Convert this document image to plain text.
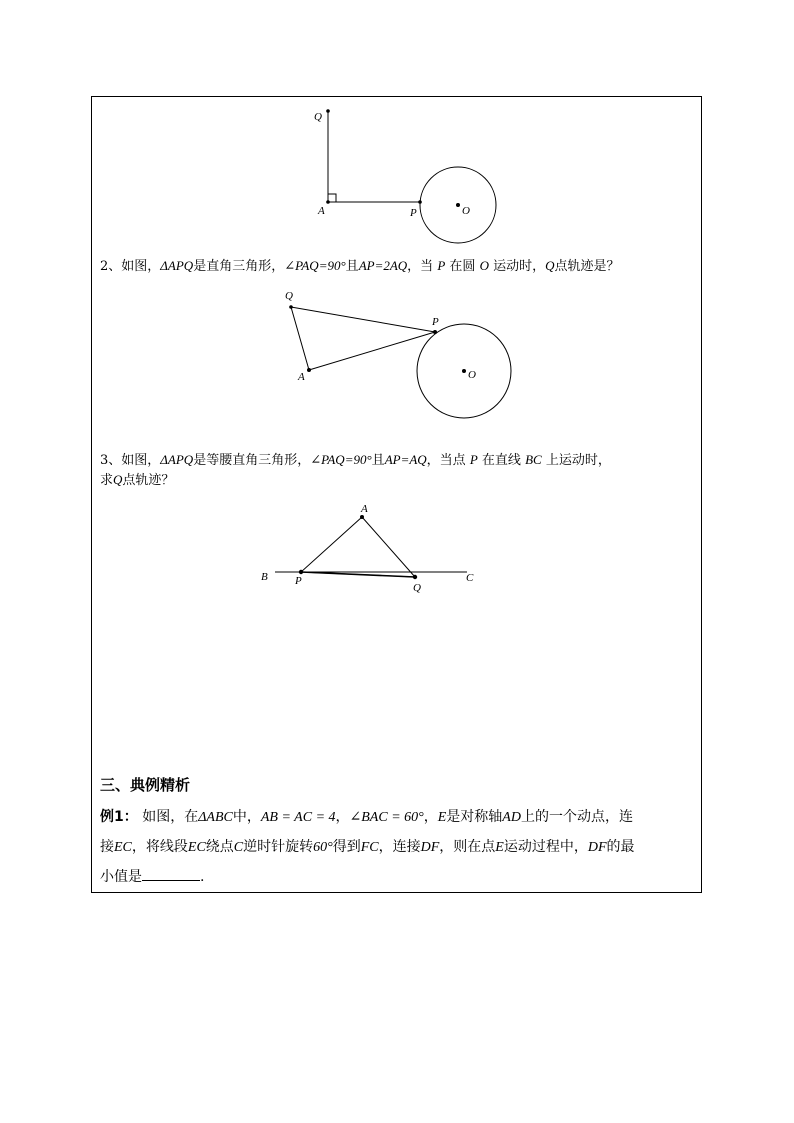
Q
A	P	O
2、如图，ΔAPQ是直角三角形，∠PAQ=90°且AP=2AQ，当 P 在圆 O 运动时，Q点轨迹是？
Q
P
A	O
3、如图，ΔAPQ是等腰直角三角形，∠PAQ=90°且AP=AQ，当点 P 在直线 BC 上运动时，
求Q点轨迹？
A
B P
Q
C
三、典例精析
例1： 如图，在ΔABC中，AB = AC = 4，∠BAC = 60°，E是对称轴AD上的一个动点，连
接EC，将线段EC绕点C逆时针旋转60°得到FC，连接DF，则在点E运动过程中，DF的最
小值是	.
